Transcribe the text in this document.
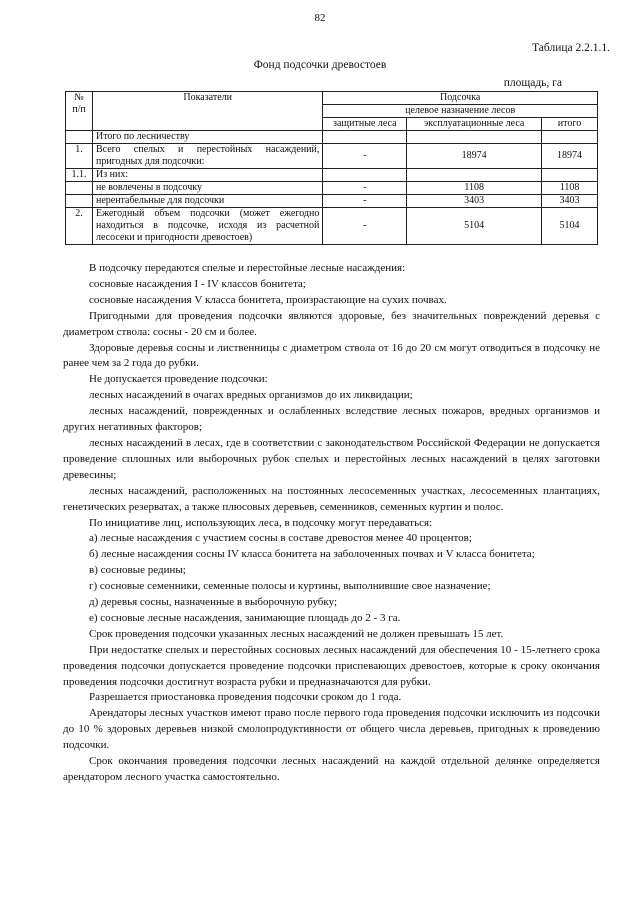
82
Таблица 2.2.1.1.
Фонд подсочки древостоев
площадь, га
№
п/п	Показатели	Подсочка		
		целевое назначение лесов		
		защитные леса	эксплуатационные леса	итого
	Итого по лесничеству			
1.	Всего спелых и перестойных насаждений, пригодных для подсочки:	-	18974	18974
1.1.	Из них:			
	не вовлечены в подсочку	-	1108	1108
	нерентабельные для подсочки	-	3403	3403
2.	Ежегодный объем подсочки (может ежегодно находиться в подсочке, исходя из расчетной лесосеки и пригодности древостоев)	-	5104	5104

В подсочку передаются спелые и перестойные лесные насаждения:

сосновые насаждения I - IV классов бонитета;

сосновые насаждения V класса бонитета, произрастающие на сухих почвах.

Пригодными для проведения подсочки являются здоровые, без значительных повреждений деревья с диаметром ствола: сосны - 20 см и более.

Здоровые деревья сосны и лиственницы с диаметром ствола от 16 до 20 см могут отводиться в подсочку не ранее чем за 2 года до рубки.

Не допускается проведение подсочки:

лесных насаждений в очагах вредных организмов до их ликвидации;

лесных насаждений, поврежденных и ослабленных вследствие лесных пожаров, вредных организмов и других негативных факторов;

лесных насаждений в лесах, где в соответствии с законодательством Российской Федерации не допускается проведение сплошных или выборочных рубок спелых и перестойных лесных насаждений в целях заготовки древесины;

лесных насаждений, расположенных на постоянных лесосеменных участках, лесосеменных плантациях, генетических резерватах, а также плюсовых деревьев, семенников, семенных куртин и полос.

По инициативе лиц, использующих леса, в подсочку могут передаваться:

а) лесные насаждения с участием сосны в составе древостоя менее 40 процентов;

б) лесные насаждения сосны IV класса бонитета на заболоченных почвах и V класса бонитета;

в) сосновые редины;

г) сосновые семенники, семенные полосы и куртины, выполнившие свое назначение;

д) деревья сосны, назначенные в выборочную рубку;

е) сосновые лесные насаждения, занимающие площадь до 2 - 3 га.

Срок проведения подсочки указанных лесных насаждений не должен превышать 15 лет.

При недостатке спелых и перестойных сосновых лесных насаждений для обеспечения 10 - 15-летнего срока проведения подсочки допускается проведение подсочки приспевающих древостоев, которые к сроку окончания проведения подсочки достигнут возраста рубки и предназначаются для рубки.

Разрешается приостановка проведения подсочки сроком до 1 года.

Арендаторы лесных участков имеют право после первого года проведения подсочки исключить из подсочки до 10 % здоровых деревьев низкой смолопродуктивности от общего числа деревьев, пригодных к проведению подсочки.

Срок окончания проведения подсочки лесных насаждений на каждой отдельной делянке определяется арендатором лесного участка самостоятельно.
